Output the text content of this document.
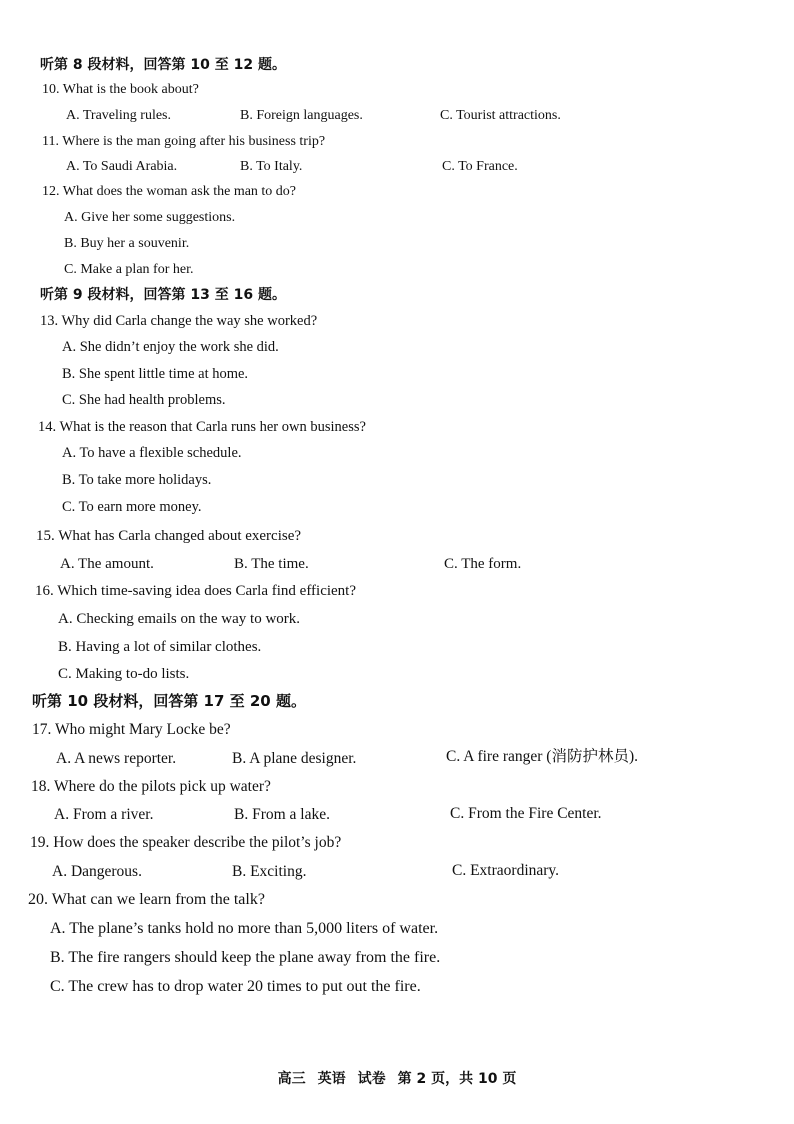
听第 8 段材料，回答第 10 至 12 题。
10. What is the book about?
A. Traveling rules.	B. Foreign languages.	C. Tourist attractions.
11. Where is the man going after his business trip?
A. To Saudi Arabia.	B. To Italy.	C. To France.
12. What does the woman ask the man to do?
A. Give her some suggestions.
B. Buy her a souvenir.
C. Make a plan for her.
听第 9 段材料，回答第 13 至 16 题。
13. Why did Carla change the way she worked?
A. She didn’t enjoy the work she did.
B. She spent little time at home.
C. She had health problems.
14. What is the reason that Carla runs her own business?
A. To have a flexible schedule.
B. To take more holidays.
C. To earn more money.
15. What has Carla changed about exercise?
A. The amount.	B. The time.	C. The form.
16. Which time-saving idea does Carla find efficient?
A. Checking emails on the way to work.
B. Having a lot of similar clothes.
C. Making to-do lists.
听第 10 段材料，回答第 17 至 20 题。
17. Who might Mary Locke be?
A. A news reporter.	B. A plane designer.	C. A fire ranger (消防护林员).
18. Where do the pilots pick up water?
A. From a river.	B. From a lake.	C. From the Fire Center.
19. How does the speaker describe the pilot’s job?
A. Dangerous.	B. Exciting.	C. Extraordinary.
20. What can we learn from the talk?
A. The plane’s tanks hold no more than 5,000 liters of water.
B. The fire rangers should keep the plane away from the fire.
C. The crew has to drop water 20 times to put out the fire.
高三 英语 试卷 第 2 页，共 10 页
